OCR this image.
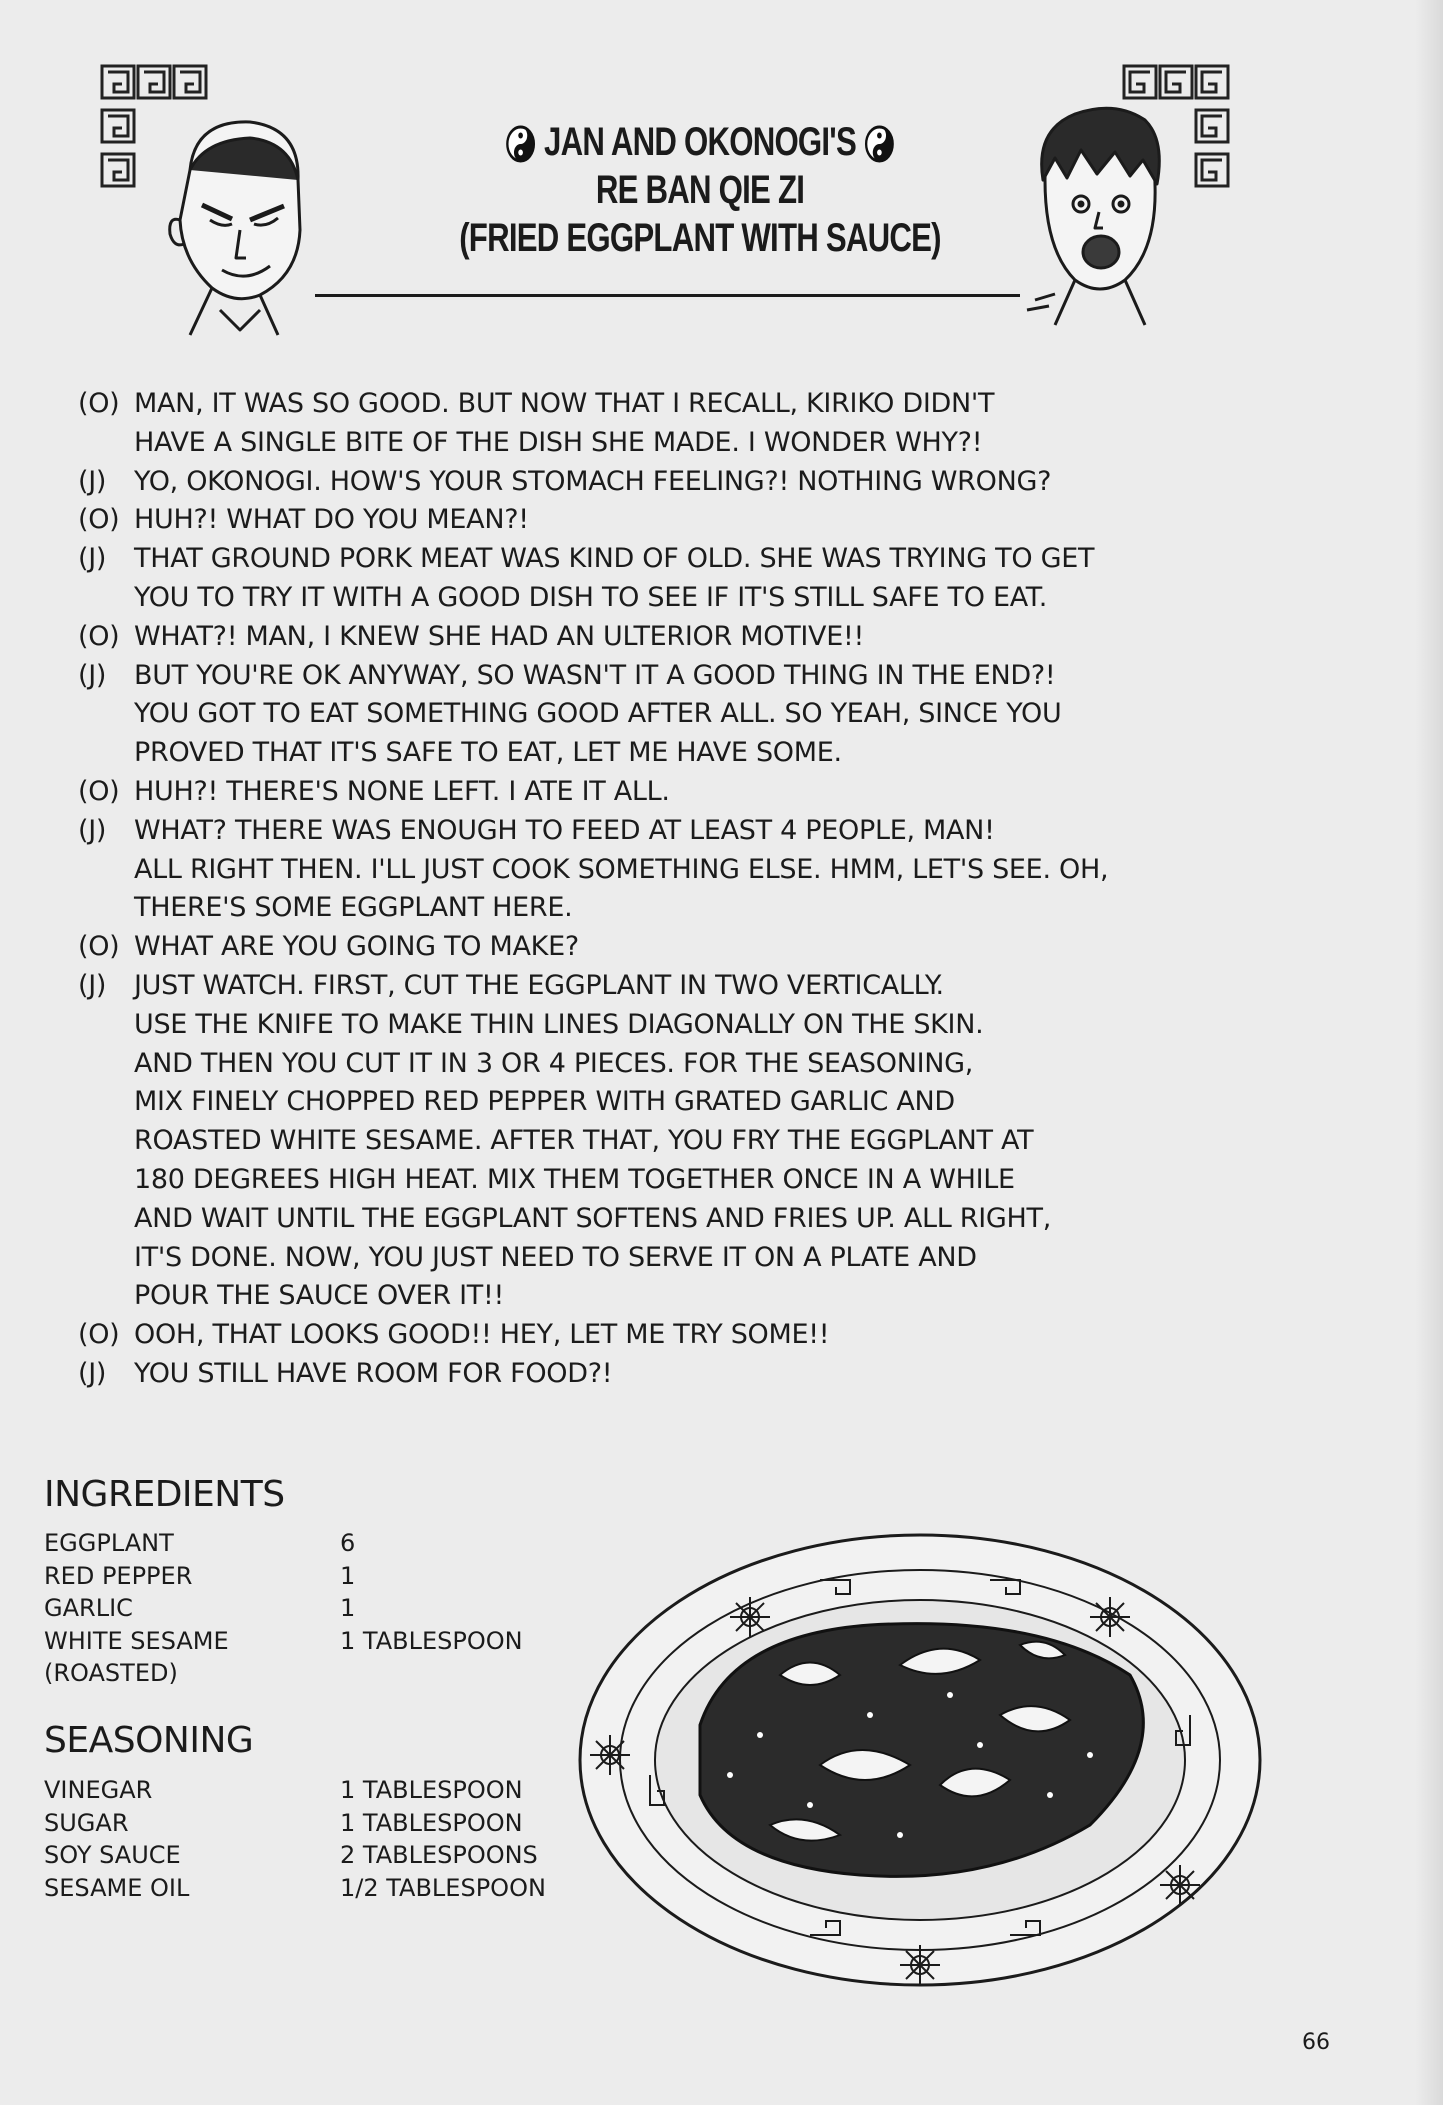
JAN AND OKONOGI'S
RE BAN QIE ZI
(FRIED EGGPLANT WITH SAUCE)
(O) MAN, IT WAS SO GOOD. BUT NOW THAT I RECALL, KIRIKO DIDN'T
HAVE A SINGLE BITE OF THE DISH SHE MADE. I WONDER WHY?!
(J)	YO, OKONOGI. HOW'S YOUR STOMACH FEELING?! NOTHING WRONG?
(O) HUH?! WHAT DO YOU MEAN?!
(J)	THAT GROUND PORK MEAT WAS KIND OF OLD. SHE WAS TRYING TO GET
YOU TO TRY IT WITH A GOOD DISH TO SEE IF IT'S STILL SAFE TO EAT.
(O) WHAT?! MAN, I KNEW SHE HAD AN ULTERIOR MOTIVE!!
(J)	BUT YOU'RE OK ANYWAY, SO WASN'T IT A GOOD THING IN THE END?!
YOU GOT TO EAT SOMETHING GOOD AFTER ALL. SO YEAH, SINCE YOU
PROVED THAT IT'S SAFE TO EAT, LET ME HAVE SOME.
(O) HUH?! THERE'S NONE LEFT. I ATE IT ALL.
(J)	WHAT? THERE WAS ENOUGH TO FEED AT LEAST 4 PEOPLE, MAN!
ALL RIGHT THEN. I'LL JUST COOK SOMETHING ELSE. HMM, LET'S SEE. OH,
THERE'S SOME EGGPLANT HERE.
(O) WHAT ARE YOU GOING TO MAKE?
(J)	JUST WATCH. FIRST, CUT THE EGGPLANT IN TWO VERTICALLY.
USE THE KNIFE TO MAKE THIN LINES DIAGONALLY ON THE SKIN.
AND THEN YOU CUT IT IN 3 OR 4 PIECES. FOR THE SEASONING,
MIX FINELY CHOPPED RED PEPPER WITH GRATED GARLIC AND
ROASTED WHITE SESAME. AFTER THAT, YOU FRY THE EGGPLANT AT
180 DEGREES HIGH HEAT. MIX THEM TOGETHER ONCE IN A WHILE
AND WAIT UNTIL THE EGGPLANT SOFTENS AND FRIES UP. ALL RIGHT,
IT'S DONE. NOW, YOU JUST NEED TO SERVE IT ON A PLATE AND
POUR THE SAUCE OVER IT!!
(O) OOH, THAT LOOKS GOOD!! HEY, LET ME TRY SOME!!
(J)	YOU STILL HAVE ROOM FOR FOOD?!
INGREDIENTS
EGGPLANT	6
RED PEPPER	1
GARLIC	1
WHITE SESAME	1 TABLESPOON
(ROASTED)
SEASONING
VINEGAR	1 TABLESPOON
SUGAR	1 TABLESPOON
SOY SAUCE	2 TABLESPOONS
SESAME OIL	1/2 TABLESPOON
66
